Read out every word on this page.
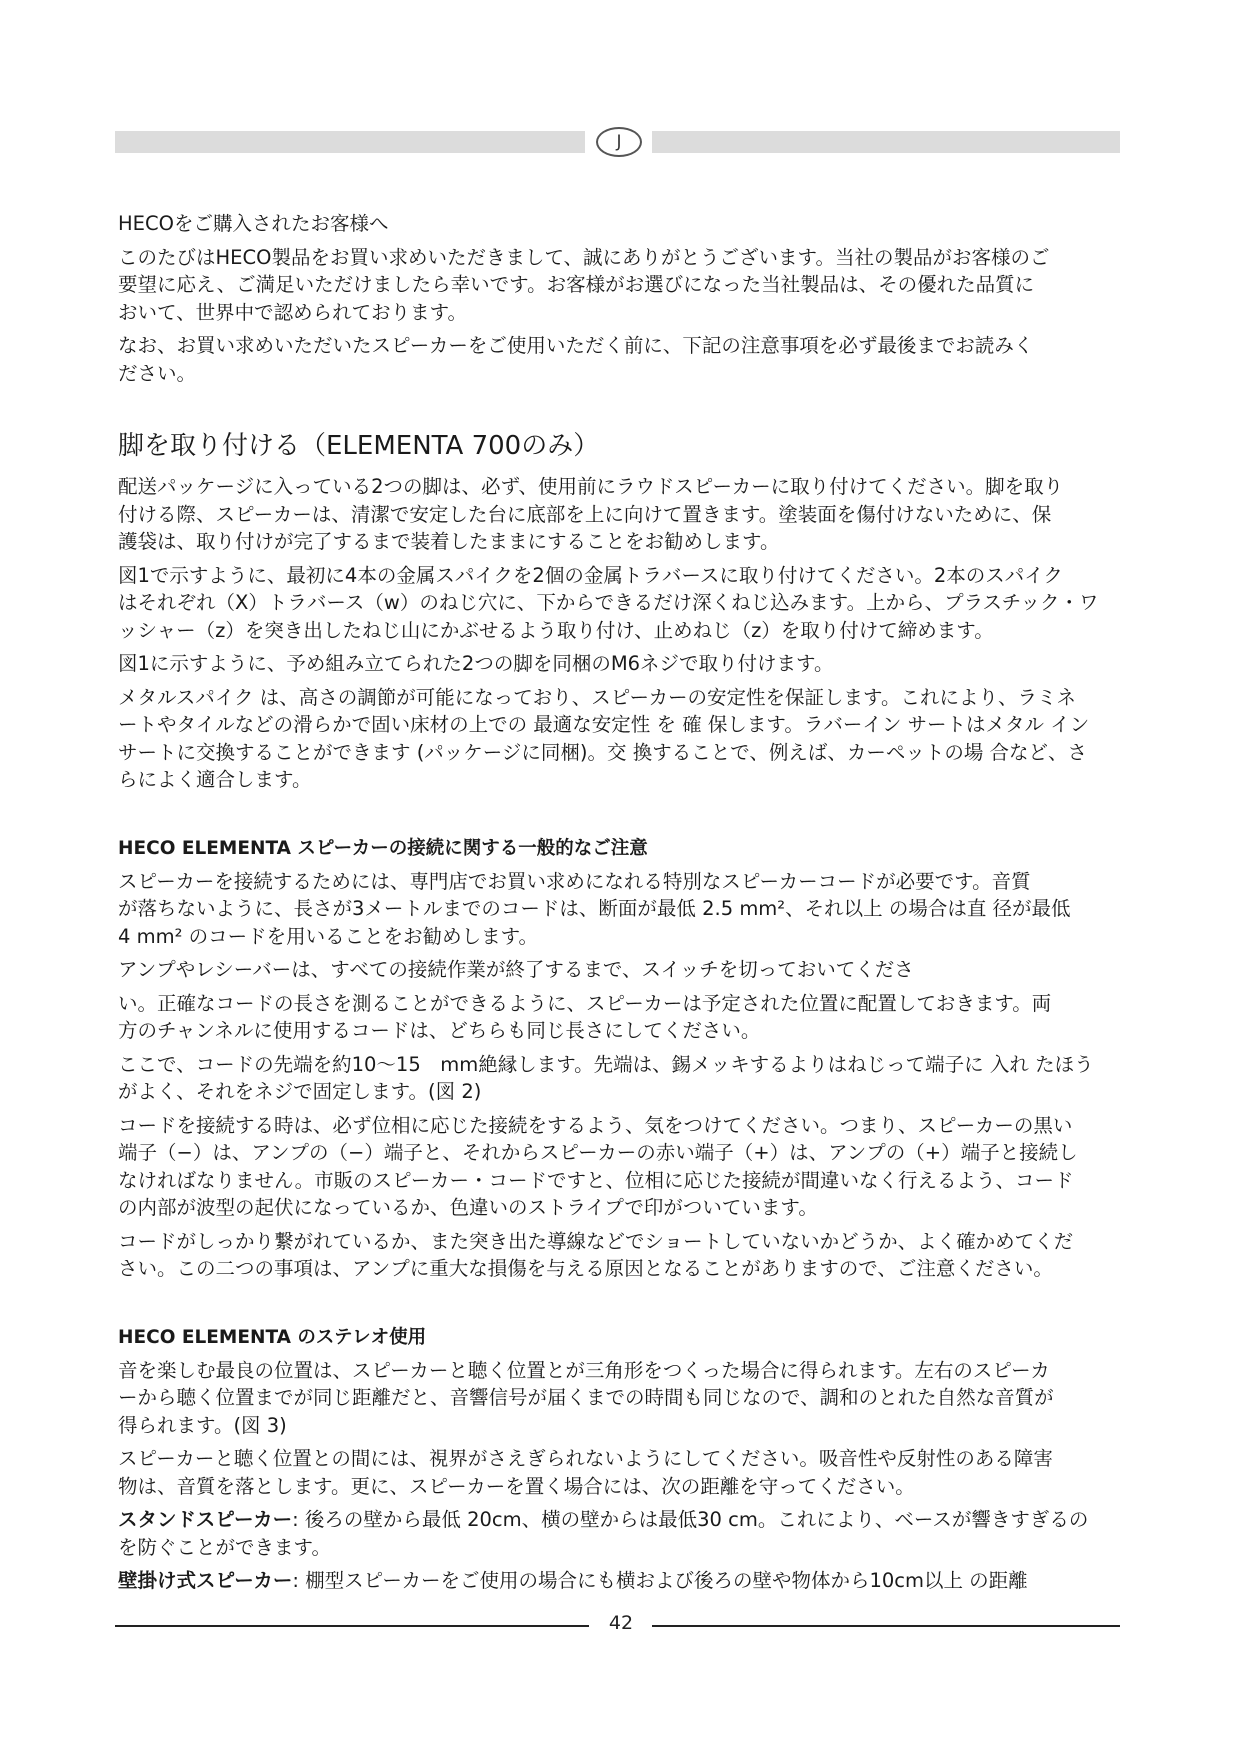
J

HECOをご購入されたお客様へ

このたびはHECO製品をお買い求めいただきまして、誠にありがとうございます。当社の製品がお客様のご
要望に応え、ご満足いただけましたら幸いです。お客様がお選びになった当社製品は、その優れた品質に
おいて、世界中で認められております。

なお、お買い求めいただいたスピーカーをご使用いただく前に、下記の注意事項を必ず最後までお読みく
ださい。

脚を取り付ける（ELEMENTA 700のみ）

配送パッケージに入っている2つの脚は、必ず、使用前にラウドスピーカーに取り付けてください。脚を取り
付ける際、スピーカーは、清潔で安定した台に底部を上に向けて置きます。塗装面を傷付けないために、保
護袋は、取り付けが完了するまで装着したままにすることをお勧めします。

図1で示すように、最初に4本の金属スパイクを2個の金属トラバースに取り付けてください。2本のスパイク
はそれぞれ（X）トラバース（w）のねじ穴に、下からできるだけ深くねじ込みます。上から、プラスチック・ワ
ッシャー（z）を突き出したねじ山にかぶせるよう取り付け、止めねじ（z）を取り付けて締めます。

図1に示すように、予め組み立てられた2つの脚を同梱のM6ネジで取り付けます。

メタルスパイク は、高さの調節が可能になっており、スピーカーの安定性を保証します。これにより、ラミネ
ートやタイルなどの滑らかで固い床材の上での 最適な安定性 を 確 保します。ラバーイン サートはメタル イン
サートに交換することができます (パッケージに同梱)。交 換することで、例えば、カーペットの場 合など、さ
らによく適合します。

HECO ELEMENTA スピーカーの接続に関する一般的なご注意

スピーカーを接続するためには、専門店でお買い求めになれる特別なスピーカーコードが必要です。音質
が落ちないように、長さが3メートルまでのコードは、断面が最低 2.5 mm²、それ以上 の場合は直 径が最低
4 mm² のコードを用いることをお勧めします。

アンプやレシーバーは、すべての接続作業が終了するまで、スイッチを切っておいてくださ

い。正確なコードの長さを測ることができるように、スピーカーは予定された位置に配置しておきます。両
方のチャンネルに使用するコードは、どちらも同じ長さにしてください。

ここで、コードの先端を約10〜15　mm絶縁します。先端は、錫メッキするよりはねじって端子に 入れ たほう
がよく、それをネジで固定します。(図 2)

コードを接続する時は、必ず位相に応じた接続をするよう、気をつけてください。つまり、スピーカーの黒い
端子（−）は、アンプの（−）端子と、それからスピーカーの赤い端子（+）は、アンプの（+）端子と接続し
なければなりません。市販のスピーカー・コードですと、位相に応じた接続が間違いなく行えるよう、コード
の内部が波型の起伏になっているか、色違いのストライプで印がついています。

コードがしっかり繋がれているか、また突き出た導線などでショートしていないかどうか、よく確かめてくだ
さい。この二つの事項は、アンプに重大な損傷を与える原因となることがありますので、ご注意ください。

HECO ELEMENTA のステレオ使用

音を楽しむ最良の位置は、スピーカーと聴く位置とが三角形をつくった場合に得られます。左右のスピーカ
ーから聴く位置までが同じ距離だと、音響信号が届くまでの時間も同じなので、調和のとれた自然な音質が
得られます。(図 3)

スピーカーと聴く位置との間には、視界がさえぎられないようにしてください。吸音性や反射性のある障害
物は、音質を落とします。更に、スピーカーを置く場合には、次の距離を守ってください。

スタンドスピーカー: 後ろの壁から最低 20cm、横の壁からは最低30 cm。これにより、ベースが響きすぎるの
を防ぐことができます。

壁掛け式スピーカー: 棚型スピーカーをご使用の場合にも横および後ろの壁や物体から10cm以上 の距離

42
